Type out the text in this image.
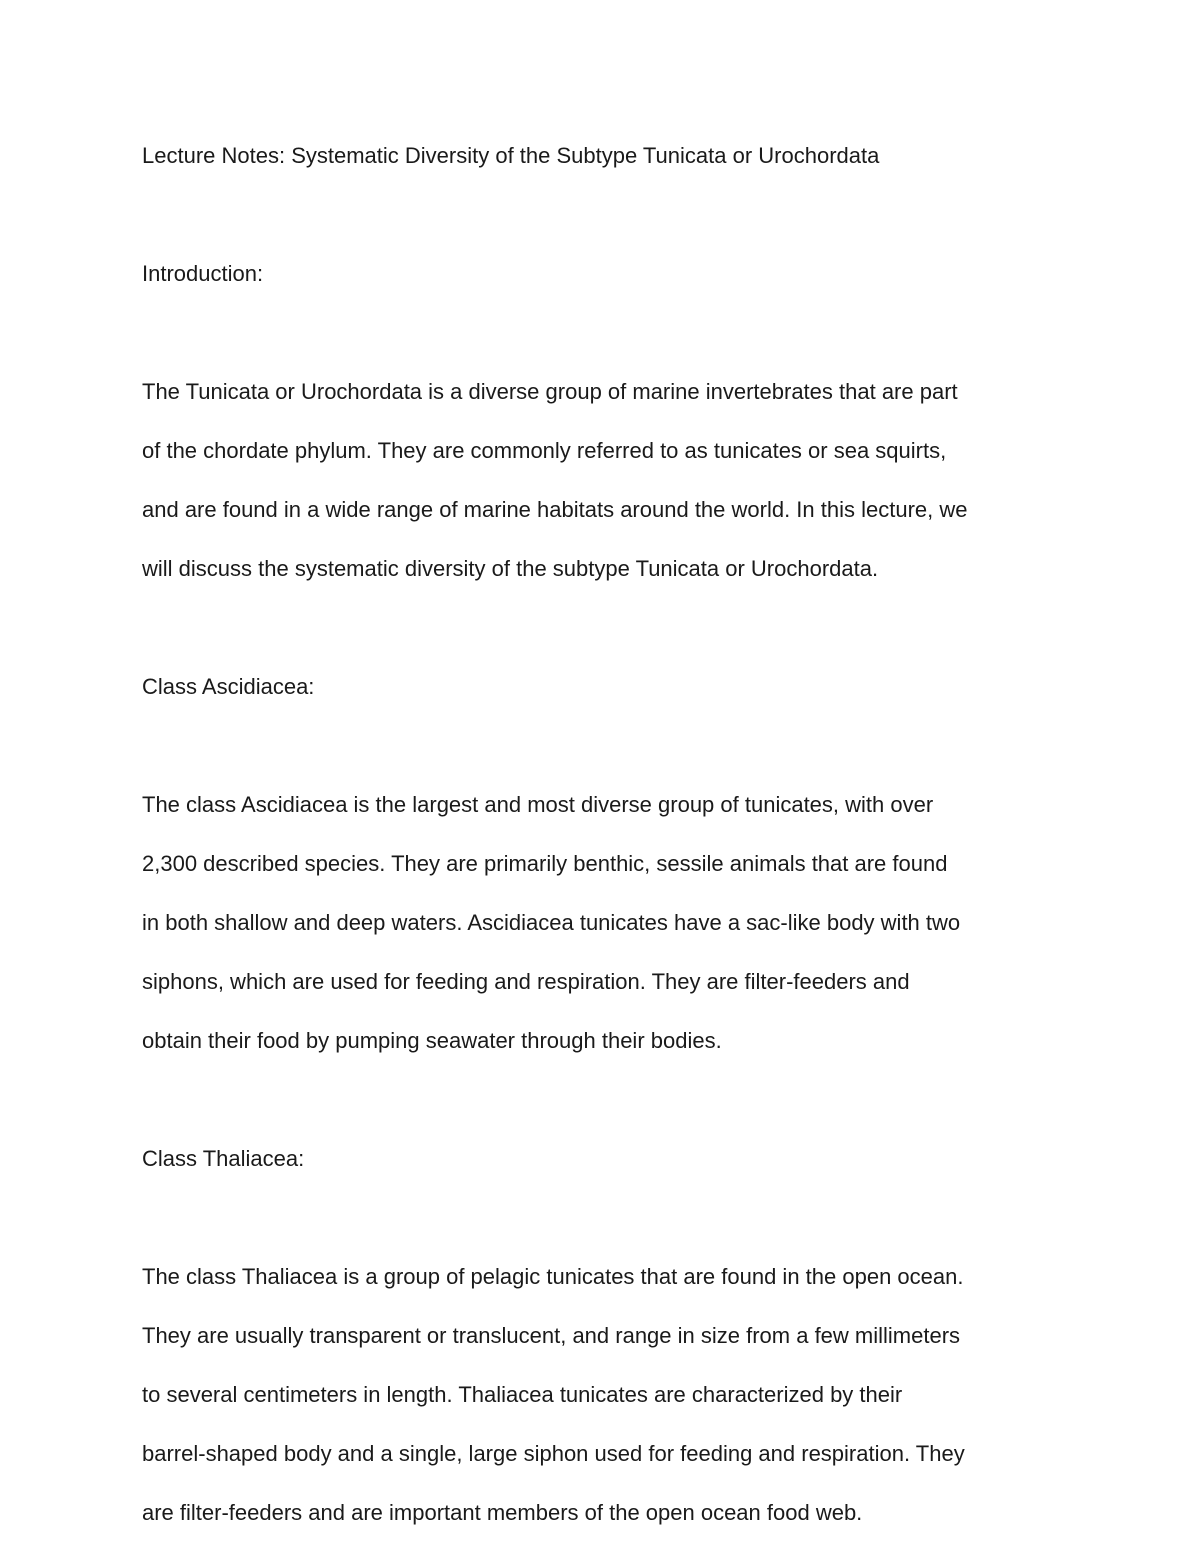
Lecture Notes: Systematic Diversity of the Subtype Tunicata or Urochordata
Introduction:
The Tunicata or Urochordata is a diverse group of marine invertebrates that are part
of the chordate phylum. They are commonly referred to as tunicates or sea squirts,
and are found in a wide range of marine habitats around the world. In this lecture, we
will discuss the systematic diversity of the subtype Tunicata or Urochordata.
Class Ascidiacea:
The class Ascidiacea is the largest and most diverse group of tunicates, with over
2,300 described species. They are primarily benthic, sessile animals that are found
in both shallow and deep waters. Ascidiacea tunicates have a sac-like body with two
siphons, which are used for feeding and respiration. They are filter-feeders and
obtain their food by pumping seawater through their bodies.
Class Thaliacea:
The class Thaliacea is a group of pelagic tunicates that are found in the open ocean.
They are usually transparent or translucent, and range in size from a few millimeters
to several centimeters in length. Thaliacea tunicates are characterized by their
barrel-shaped body and a single, large siphon used for feeding and respiration. They
are filter-feeders and are important members of the open ocean food web.
